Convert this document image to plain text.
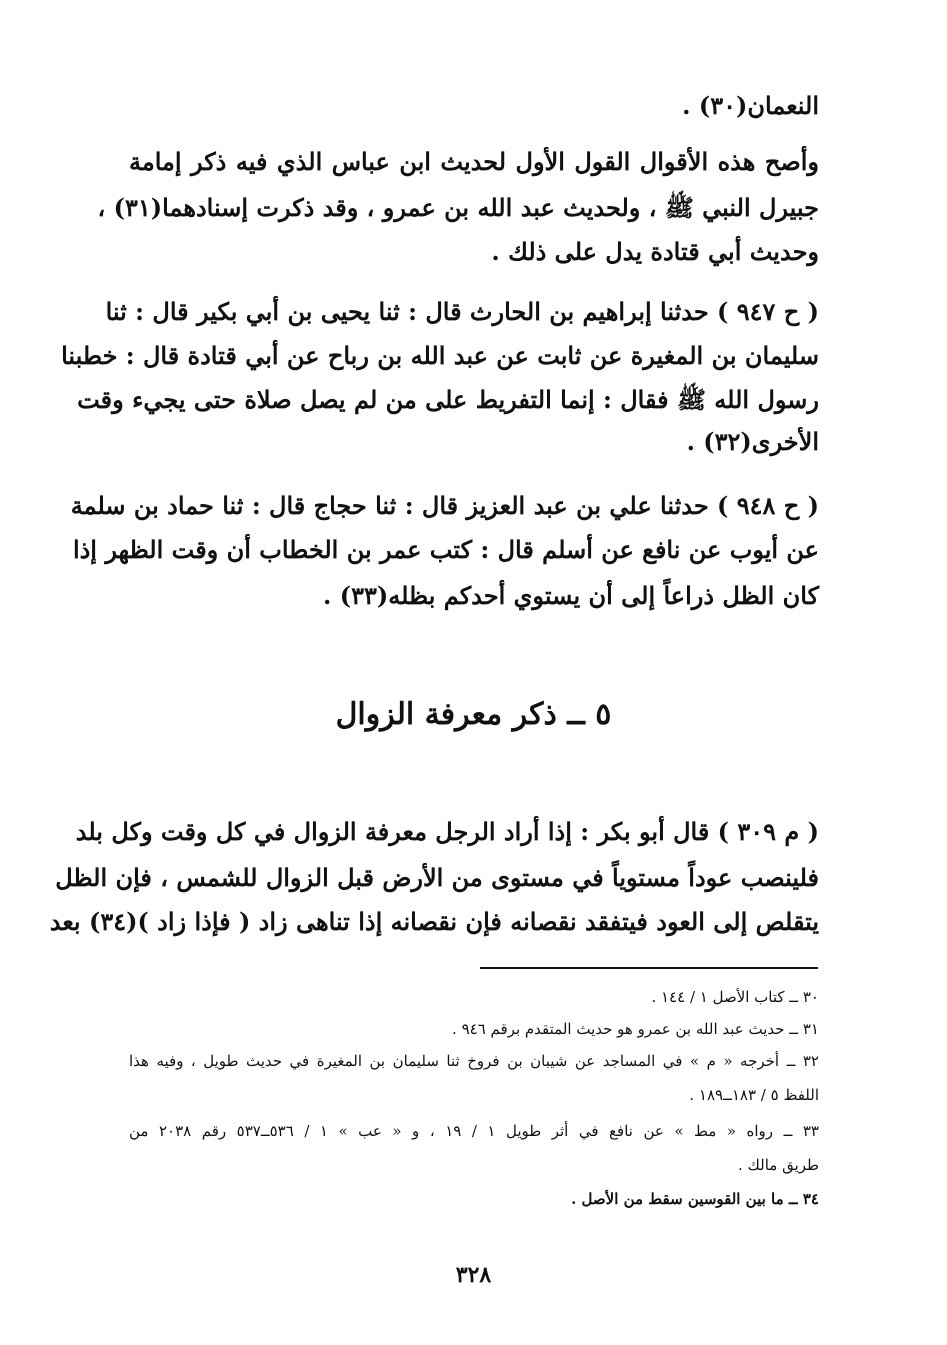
النعمان(٣٠) .
وأصح هذه الأقوال القول الأول لحديث ابن عباس الذي فيه ذكر إمامة
جبيرل النبي ﷺ ، ولحديث عبد الله بن عمرو ، وقد ذكرت إسنادهما(٣١) ،
وحديث أبي قتادة يدل على ذلك .
( ح ٩٤٧ ) حدثنا إبراهيم بن الحارث قال : ثنا يحيى بن أبي بكير قال : ثنا
سليمان بن المغيرة عن ثابت عن عبد الله بن رباح عن أبي قتادة قال : خطبنا
رسول الله ﷺ فقال : إنما التفريط على من لم يصل صلاة حتى يجيء وقت
الأخرى(٣٢) .
( ح ٩٤٨ ) حدثنا علي بن عبد العزيز قال : ثنا حجاج قال : ثنا حماد بن سلمة
عن أيوب عن نافع عن أسلم قال : كتب عمر بن الخطاب أن وقت الظهر إذا
كان الظل ذراعاً إلى أن يستوي أحدكم بظله(٣٣) .
٥ ــ ذكر معرفة الزوال
( م ٣٠٩ ) قال أبو بكر : إذا أراد الرجل معرفة الزوال في كل وقت وكل بلد
فلينصب عوداً مستوياً في مستوى من الأرض قبل الزوال للشمس ، فإن الظل
يتقلص إلى العود فيتفقد نقصانه فإن نقصانه إذا تناهى زاد ( فإذا زاد )(٣٤) بعد
٣٠ ــ كتاب الأصل ١ / ١٤٤ .
٣١ ــ حديث عبد الله بن عمرو هو حديث المتقدم برقم ٩٤٦ .
٣٢ ــ أخرجه « م » في المساجد عن شيبان بن فروخ ثنا سليمان بن المغيرة في حديث طويل ، وفيه هذا
اللفظ ٥ / ١٨٣ــ١٨٩ .
٣٣ ــ رواه « مط » عن نافع في أثر طويل ١ / ١٩ ، و « عب » ١ / ٥٣٦ــ٥٣٧ رقم ٢٠٣٨ من
طريق مالك .
٣٤ ــ ما بين القوسين سقط من الأصل .
٣٢٨
